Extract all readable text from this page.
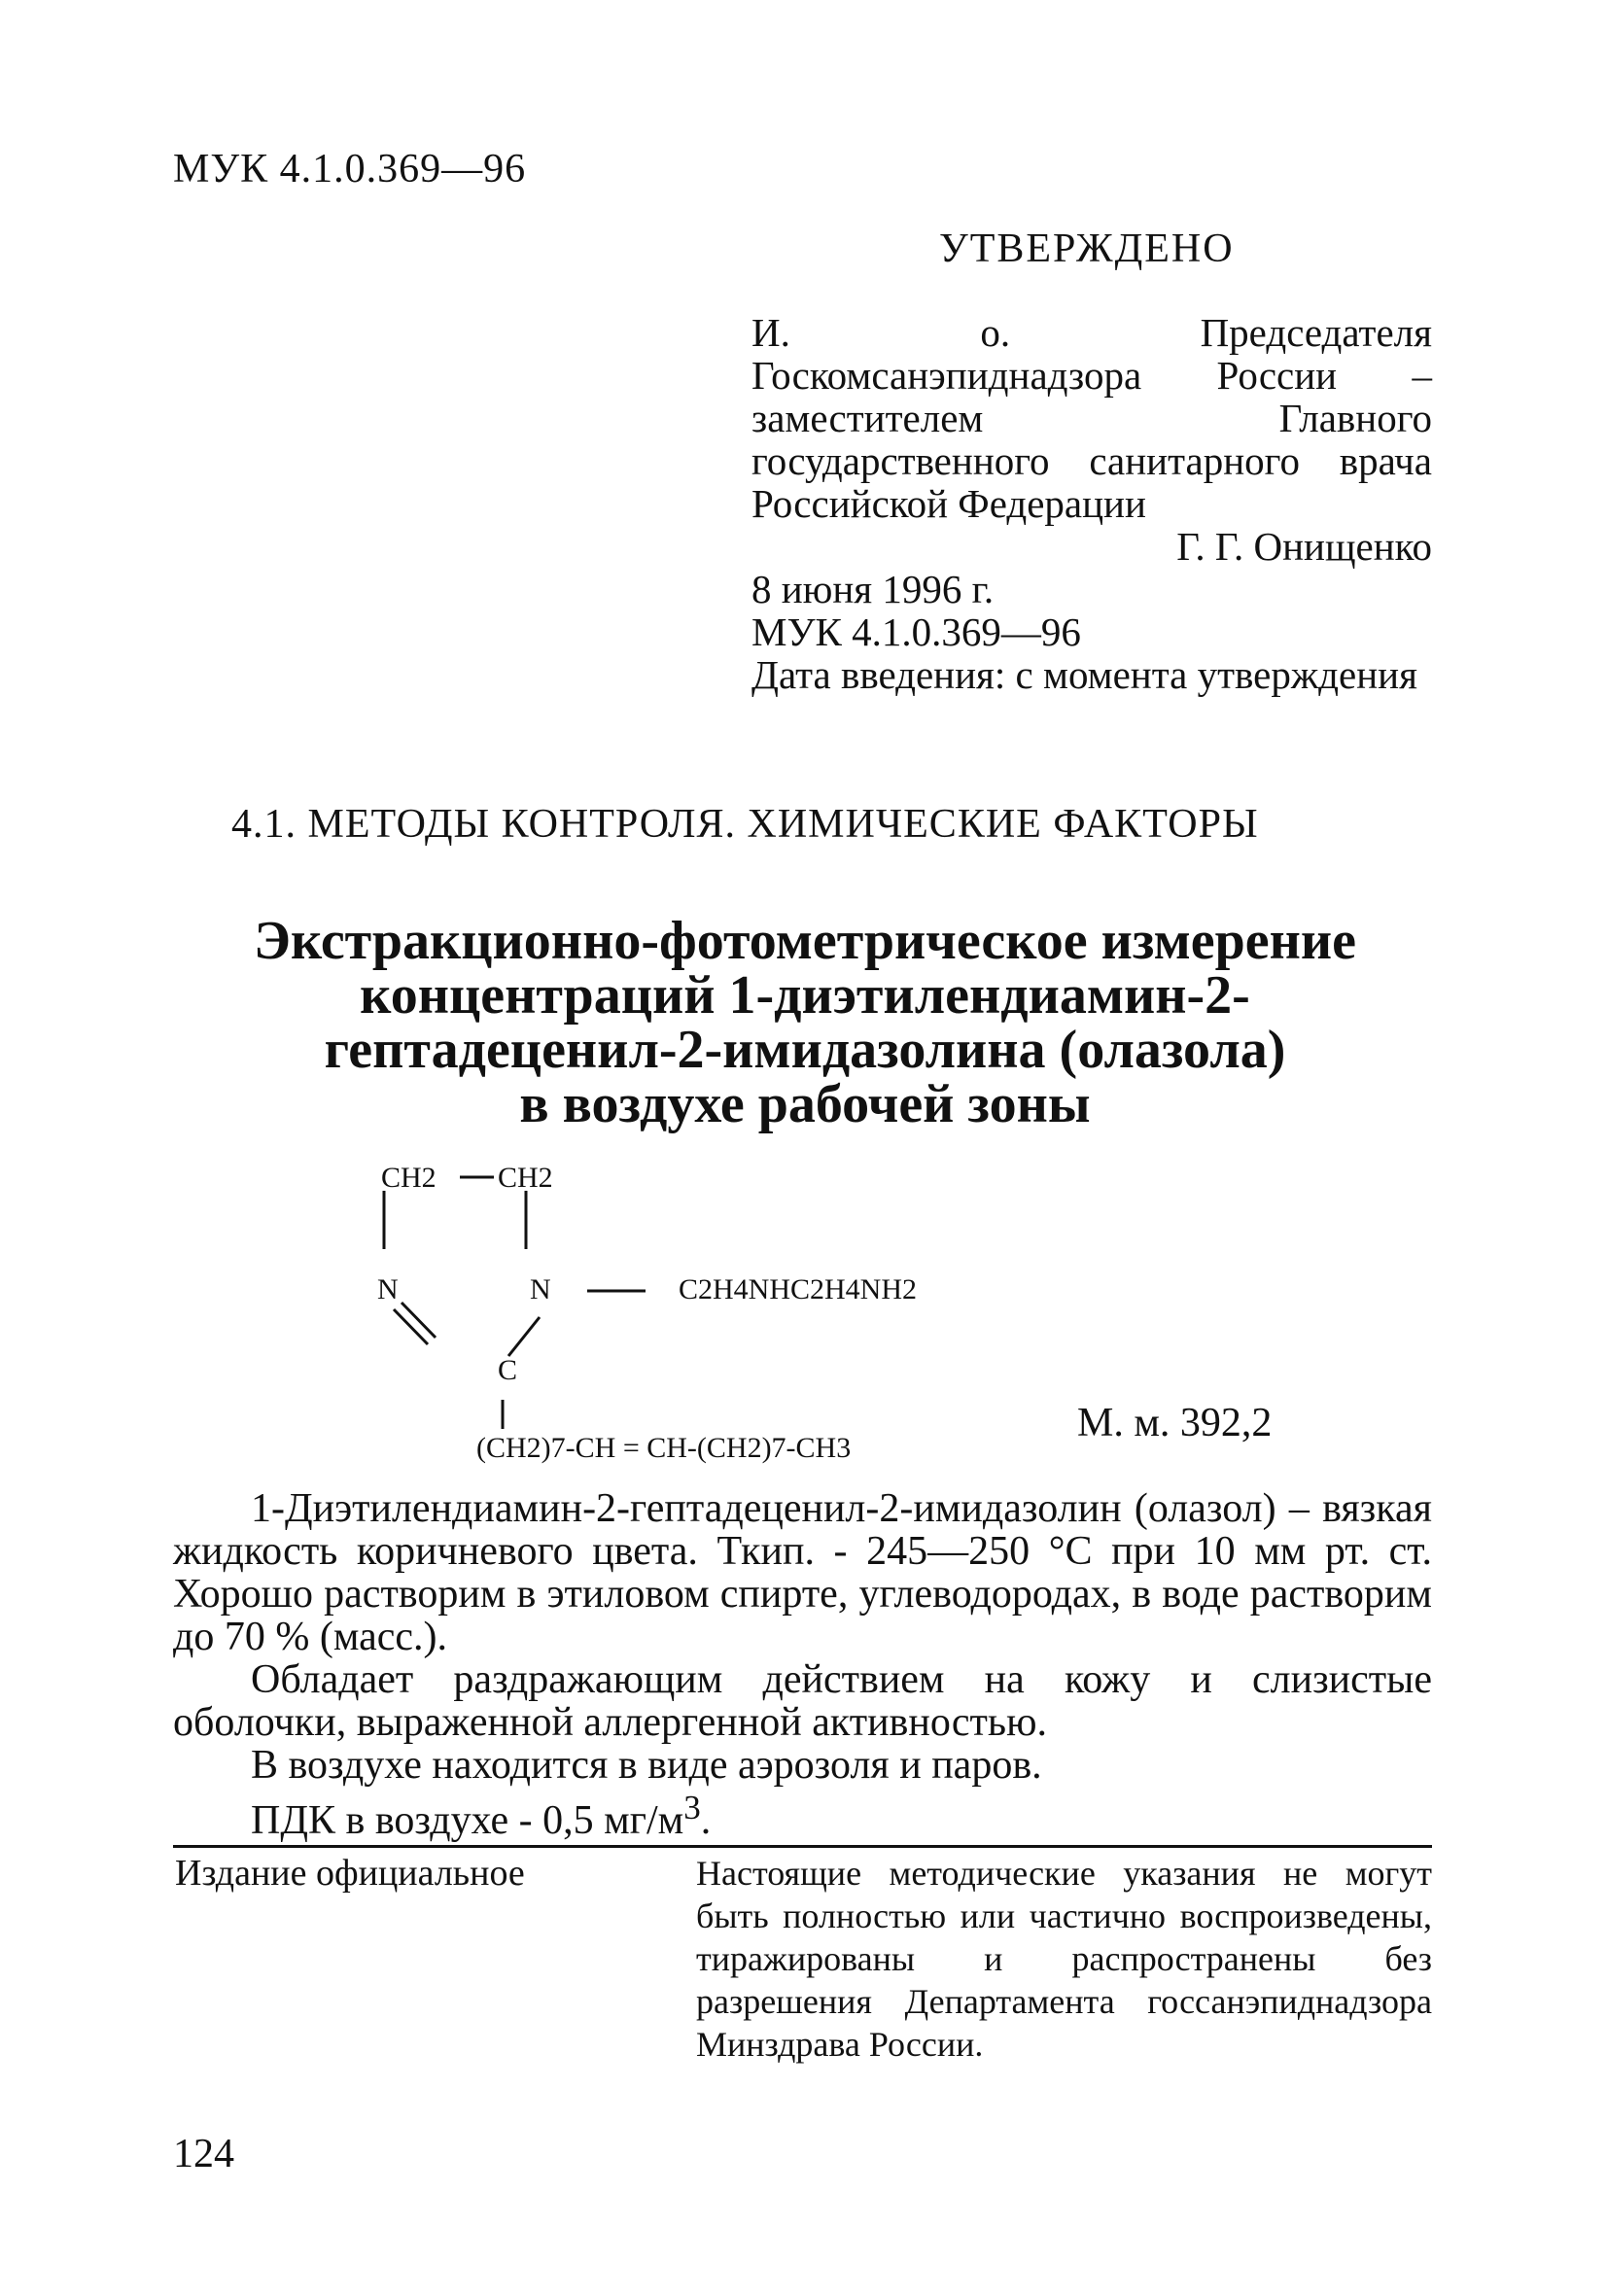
МУК 4.1.0.369—96
УТВЕРЖДЕНО

И. о. Председателя Госкомсанэпиднадзора России – заместителем Главного государственного санитарного врача Российской Федерации

Г. Г. Онищенко

8 июня 1996 г.

МУК 4.1.0.369—96

Дата введения: с момента утверждения

4.1. МЕТОДЫ КОНТРОЛЯ. ХИМИЧЕСКИЕ ФАКТОРЫ
Экстракционно-фотометрическое измерение
концентраций 1-диэтилендиамин-2-
гептадеценил-2-имидазолина (олазола)
в воздухе рабочей зоны
CH2 CH2
N	N	C2H4NHC2H4NH2
C
(CH2)7-CH = CH-(CH2)7-CH3
М. м. 392,2

1-Диэтилендиамин-2-гептадеценил-2-имидазолин (олазол) – вязкая жидкость коричневого цвета. Ткип. - 245—250 °С при 10 мм рт. ст. Хорошо растворим в этиловом спирте, углеводородах, в воде растворим до 70 % (масс.).

Обладает раздражающим действием на кожу и слизистые оболочки, выраженной аллергенной активностью.

В воздухе находится в виде аэрозоля и паров.

ПДК в воздухе - 0,5 $мг/м^3$.

Издание официальное	Настоящие методические указания не могут быть полностью или частично воспроизведены, тиражированы и распространены без разрешения Департамента госсанэпиднадзора Минздрава России.

124
